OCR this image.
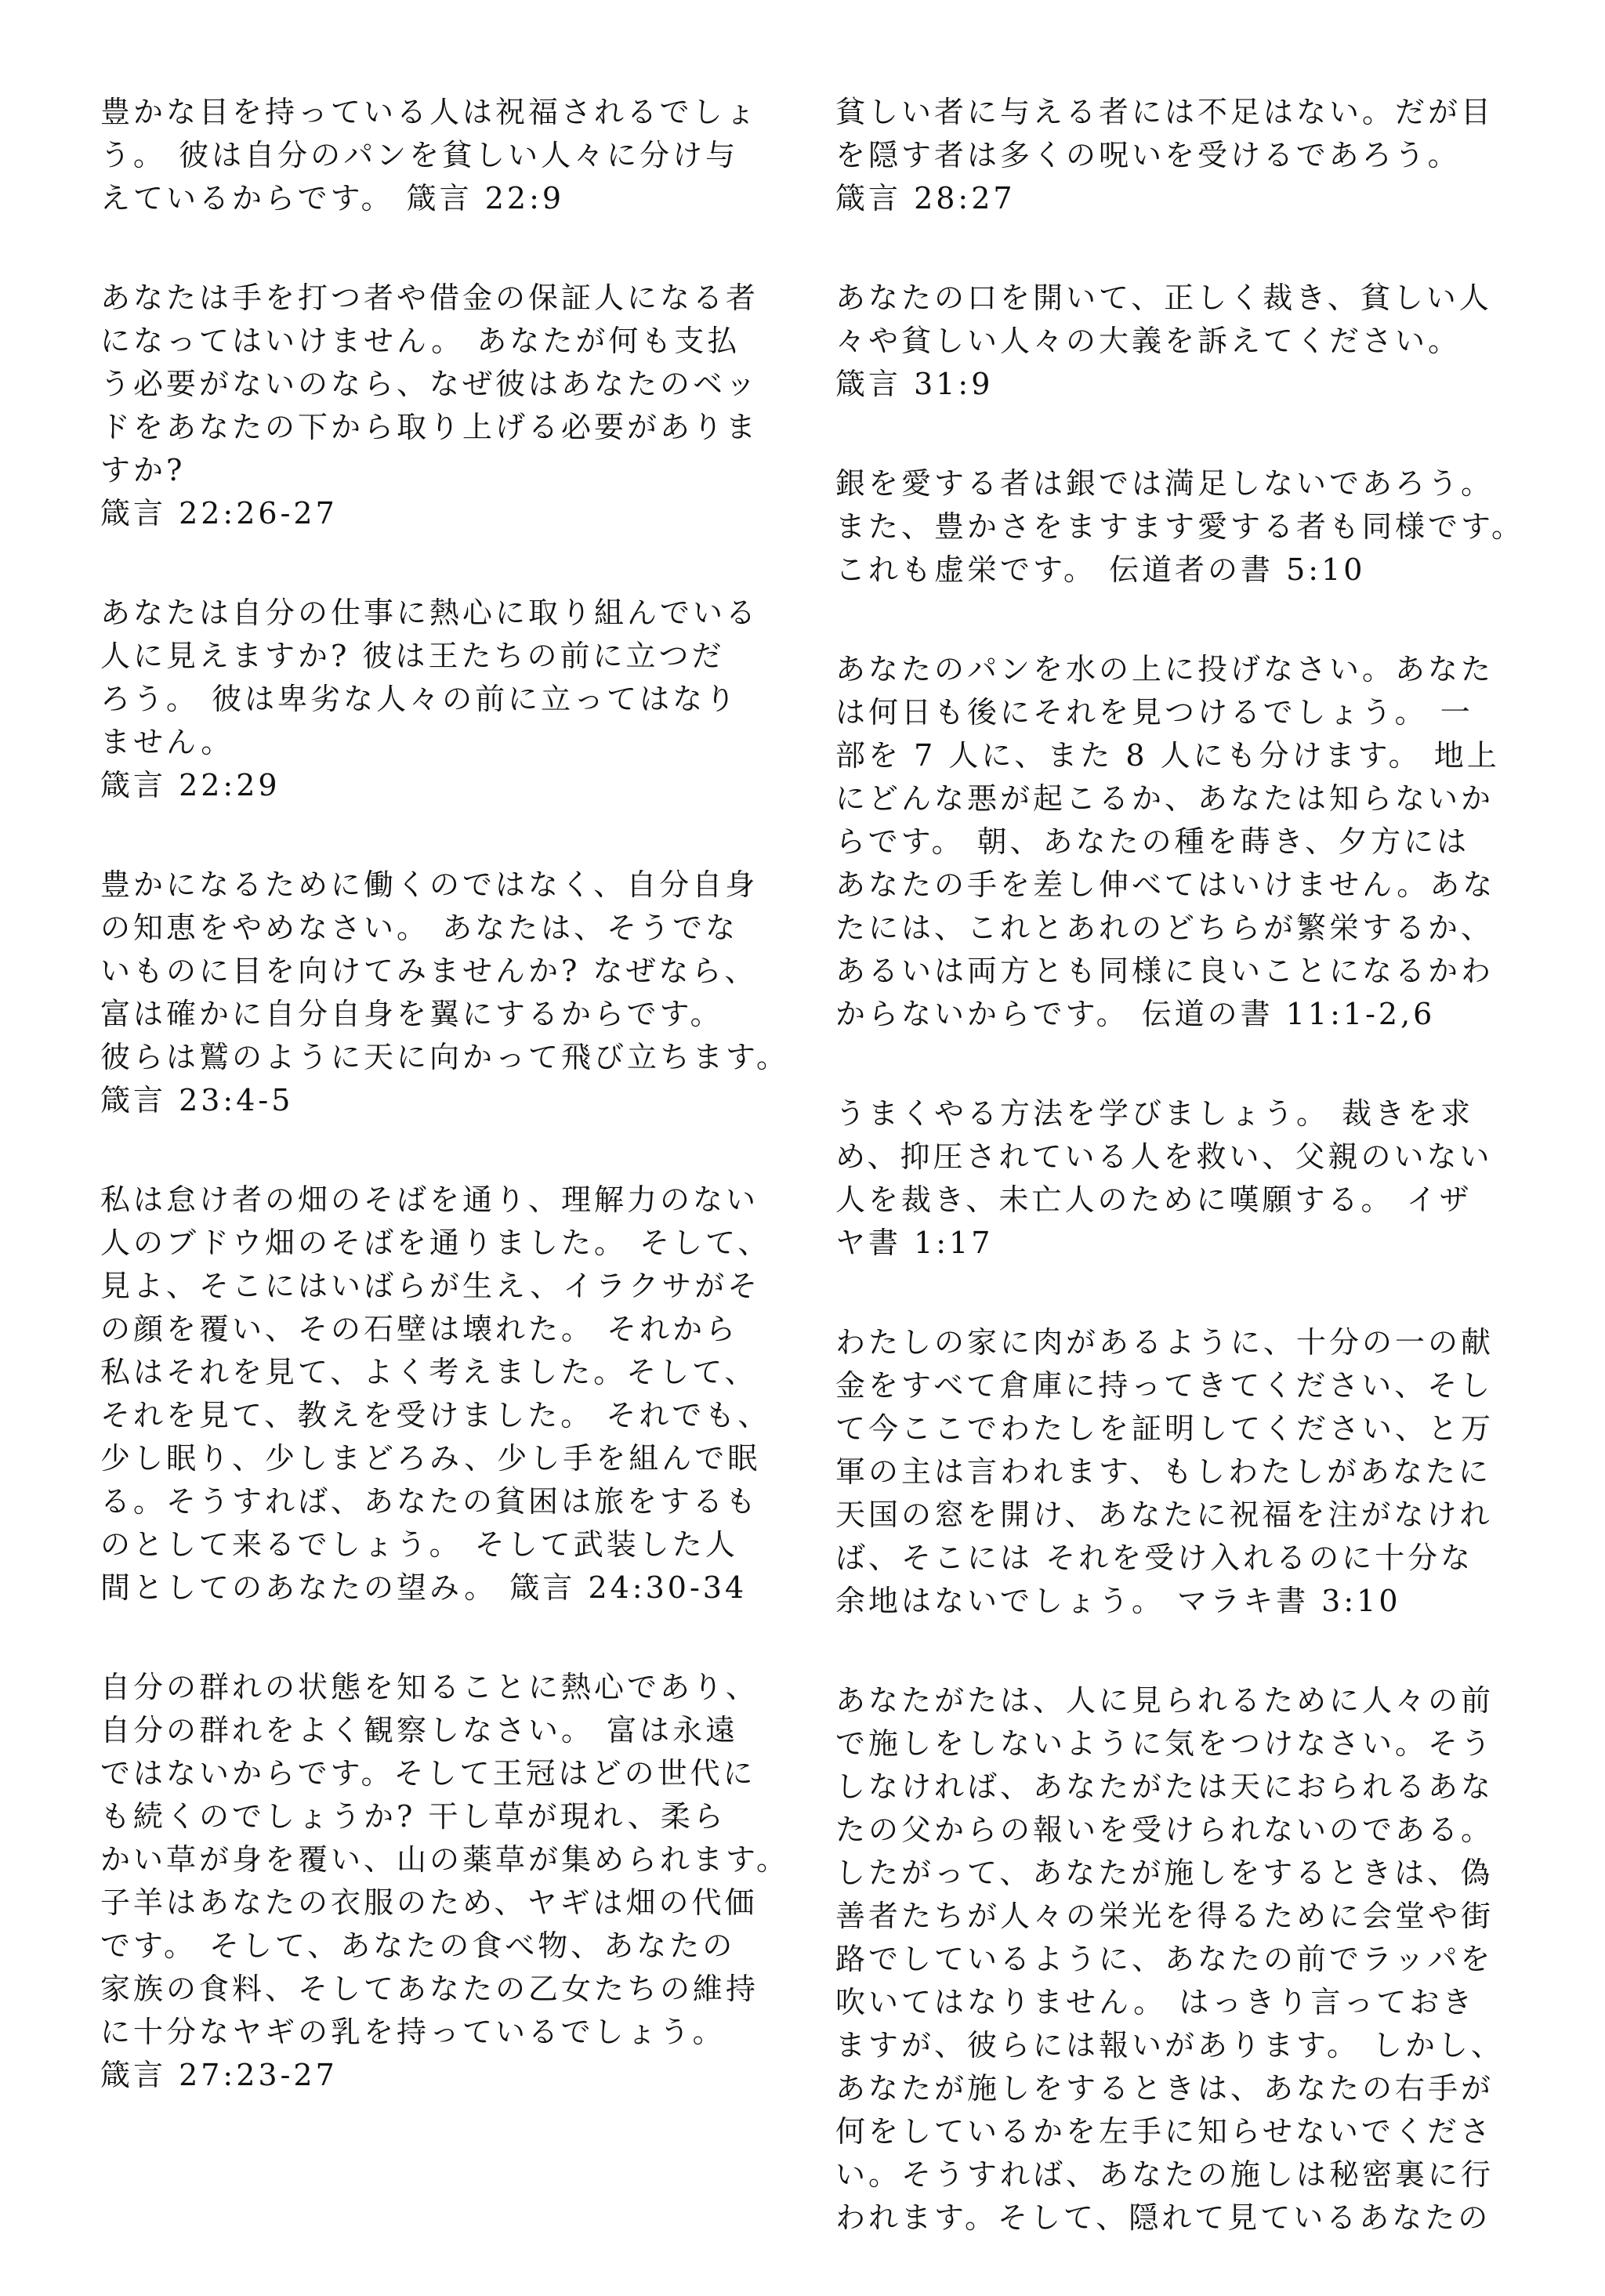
豊かな目を持っている人は祝福されるでしょ
う。 彼は自分のパンを貧しい人々に分け与
えているからです。 箴言 22:9
あなたは手を打つ者や借金の保証人になる者
になってはいけません。 あなたが何も支払
う必要がないのなら、なぜ彼はあなたのベッ
ドをあなたの下から取り上げる必要がありま
すか?
箴言 22:26-27
あなたは自分の仕事に熱心に取り組んでいる
人に見えますか? 彼は王たちの前に立つだ
ろう。 彼は卑劣な人々の前に立ってはなり
ません。
箴言 22:29
豊かになるために働くのではなく、自分自身
の知恵をやめなさい。 あなたは、そうでな
いものに目を向けてみませんか? なぜなら、
富は確かに自分自身を翼にするからです。
彼らは鷲のように天に向かって飛び立ちます。
箴言 23:4-5
私は怠け者の畑のそばを通り、理解力のない
人のブドウ畑のそばを通りました。 そして、
見よ、そこにはいばらが生え、イラクサがそ
の顔を覆い、その石壁は壊れた。 それから
私はそれを見て、よく考えました。そして、
それを見て、教えを受けました。 それでも、
少し眠り、少しまどろみ、少し手を組んで眠
る。そうすれば、あなたの貧困は旅をするも
のとして来るでしょう。 そして武装した人
間としてのあなたの望み。 箴言 24:30-34
自分の群れの状態を知ることに熱心であり、
自分の群れをよく観察しなさい。 富は永遠
ではないからです。そして王冠はどの世代に
も続くのでしょうか? 干し草が現れ、柔ら
かい草が身を覆い、山の薬草が集められます。
子羊はあなたの衣服のため、ヤギは畑の代価
です。 そして、あなたの食べ物、あなたの
家族の食料、そしてあなたの乙女たちの維持
に十分なヤギの乳を持っているでしょう。
箴言 27:23-27
貧しい者に与える者には不足はない。だが目
を隠す者は多くの呪いを受けるであろう。
箴言 28:27
あなたの口を開いて、正しく裁き、貧しい人
々や貧しい人々の大義を訴えてください。
箴言 31:9
銀を愛する者は銀では満足しないであろう。
また、豊かさをますます愛する者も同様です。
これも虚栄です。 伝道者の書 5:10
あなたのパンを水の上に投げなさい。あなた
は何日も後にそれを見つけるでしょう。 一
部を 7 人に、また 8 人にも分けます。 地上
にどんな悪が起こるか、あなたは知らないか
らです。 朝、あなたの種を蒔き、夕方には
あなたの手を差し伸べてはいけません。あな
たには、これとあれのどちらが繁栄するか、
あるいは両方とも同様に良いことになるかわ
からないからです。 伝道の書 11:1-2,6
うまくやる方法を学びましょう。 裁きを求
め、抑圧されている人を救い、父親のいない
人を裁き、未亡人のために嘆願する。 イザ
ヤ書 1:17
わたしの家に肉があるように、十分の一の献
金をすべて倉庫に持ってきてください、そし
て今ここでわたしを証明してください、と万
軍の主は言われます、もしわたしがあなたに
天国の窓を開け、あなたに祝福を注がなけれ
ば、そこには それを受け入れるのに十分な
余地はないでしょう。 マラキ書 3:10
あなたがたは、人に見られるために人々の前
で施しをしないように気をつけなさい。そう
しなければ、あなたがたは天におられるあな
たの父からの報いを受けられないのである。
したがって、あなたが施しをするときは、偽
善者たちが人々の栄光を得るために会堂や街
路でしているように、あなたの前でラッパを
吹いてはなりません。 はっきり言っておき
ますが、彼らには報いがあります。 しかし、
あなたが施しをするときは、あなたの右手が
何をしているかを左手に知らせないでくださ
い。そうすれば、あなたの施しは秘密裏に行
われます。そして、隠れて見ているあなたの
